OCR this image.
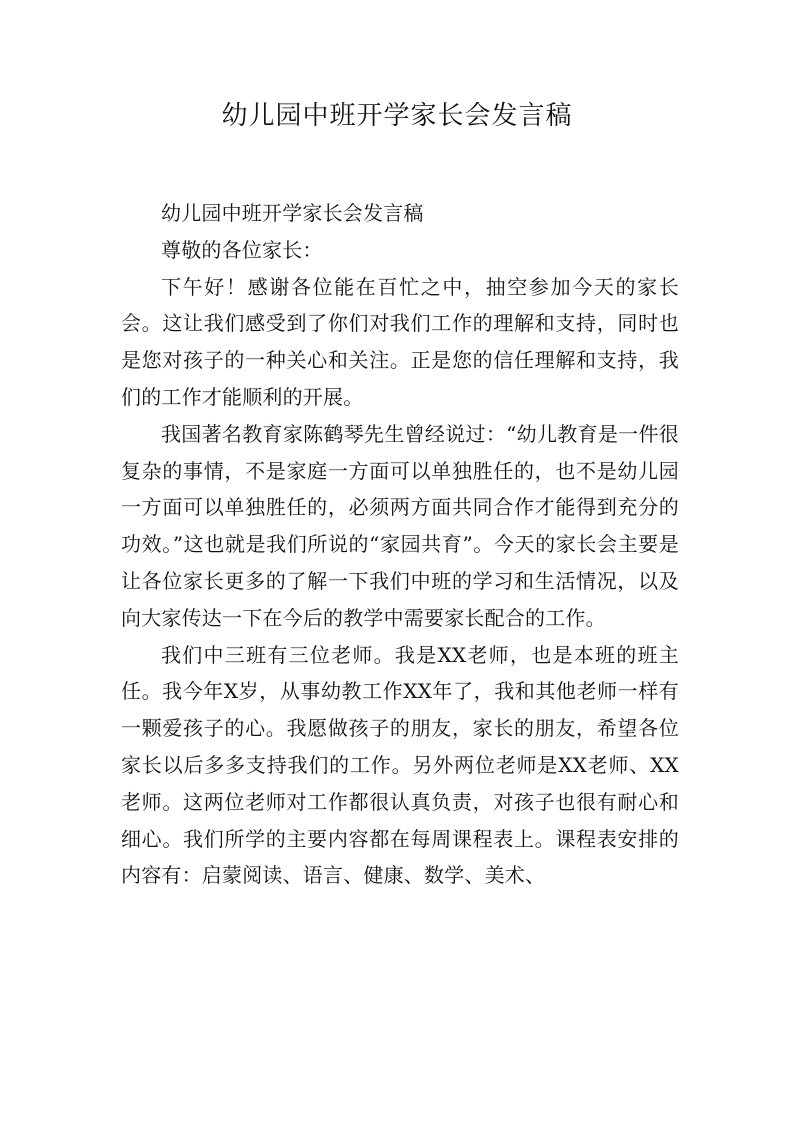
幼儿园中班开学家长会发言稿

幼儿园中班开学家长会发言稿

尊敬的各位家长：

下午好！感谢各位能在百忙之中，抽空参加今天的家长会。这让我们感受到了你们对我们工作的理解和支持，同时也是您对孩子的一种关心和关注。正是您的信任理解和支持，我们的工作才能顺利的开展。

我国著名教育家陈鹤琴先生曾经说过：“幼儿教育是一件很复杂的事情，不是家庭一方面可以单独胜任的，也不是幼儿园一方面可以单独胜任的，必须两方面共同合作才能得到充分的功效。”这也就是我们所说的“家园共育”。今天的家长会主要是让各位家长更多的了解一下我们中班的学习和生活情况，以及向大家传达一下在今后的教学中需要家长配合的工作。

我们中三班有三位老师。我是XX老师，也是本班的班主任。我今年X岁，从事幼教工作XX年了，我和其他老师一样有一颗爱孩子的心。我愿做孩子的朋友，家长的朋友，希望各位家长以后多多支持我们的工作。另外两位老师是XX老师、XX老师。这两位老师对工作都很认真负责，对孩子也很有耐心和细心。我们所学的主要内容都在每周课程表上。课程表安排的内容有：启蒙阅读、语言、健康、数学、美术、
